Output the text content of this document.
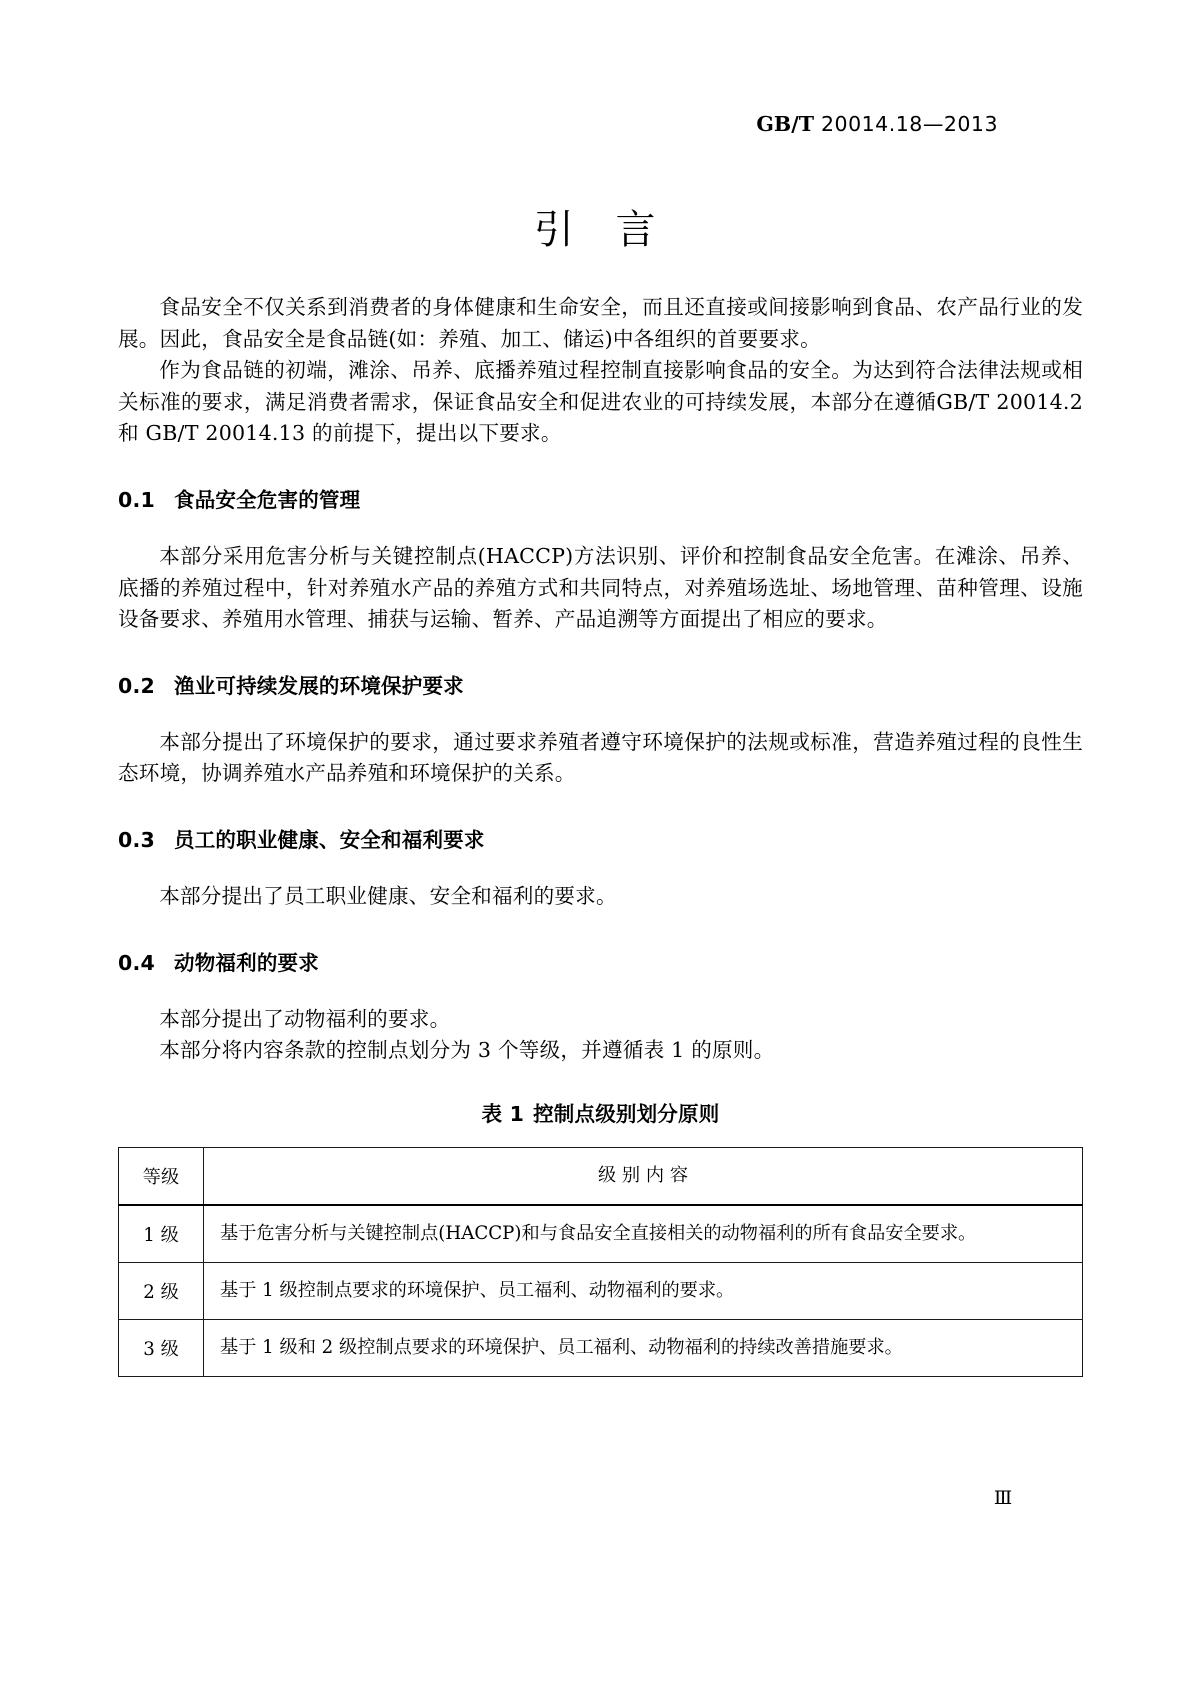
GB/T 20014.18—2013
引 言

食品安全不仅关系到消费者的身体健康和生命安全，而且还直接或间接影响到食品、农产品行业的发展。因此，食品安全是食品链(如：养殖、加工、储运)中各组织的首要要求。

作为食品链的初端，滩涂、吊养、底播养殖过程控制直接影响食品的安全。为达到符合法律法规或相关标准的要求，满足消费者需求，保证食品安全和促进农业的可持续发展，本部分在遵循GB/T 20014.2 和 GB/T 20014.13 的前提下，提出以下要求。

0.1 食品安全危害的管理

本部分采用危害分析与关键控制点(HACCP)方法识别、评价和控制食品安全危害。在滩涂、吊养、底播的养殖过程中，针对养殖水产品的养殖方式和共同特点，对养殖场选址、场地管理、苗种管理、设施设备要求、养殖用水管理、捕获与运输、暂养、产品追溯等方面提出了相应的要求。

0.2 渔业可持续发展的环境保护要求

本部分提出了环境保护的要求，通过要求养殖者遵守环境保护的法规或标准，营造养殖过程的良性生态环境，协调养殖水产品养殖和环境保护的关系。

0.3 员工的职业健康、安全和福利要求

本部分提出了员工职业健康、安全和福利的要求。

0.4 动物福利的要求

本部分提出了动物福利的要求。

本部分将内容条款的控制点划分为 3 个等级，并遵循表 1 的原则。

表 1 控制点级别划分原则
等级	级 别 内 容
1 级	基于危害分析与关键控制点(HACCP)和与食品安全直接相关的动物福利的所有食品安全要求。
2 级	基于 1 级控制点要求的环境保护、员工福利、动物福利的要求。
3 级	基于 1 级和 2 级控制点要求的环境保护、员工福利、动物福利的持续改善措施要求。
Ⅲ
